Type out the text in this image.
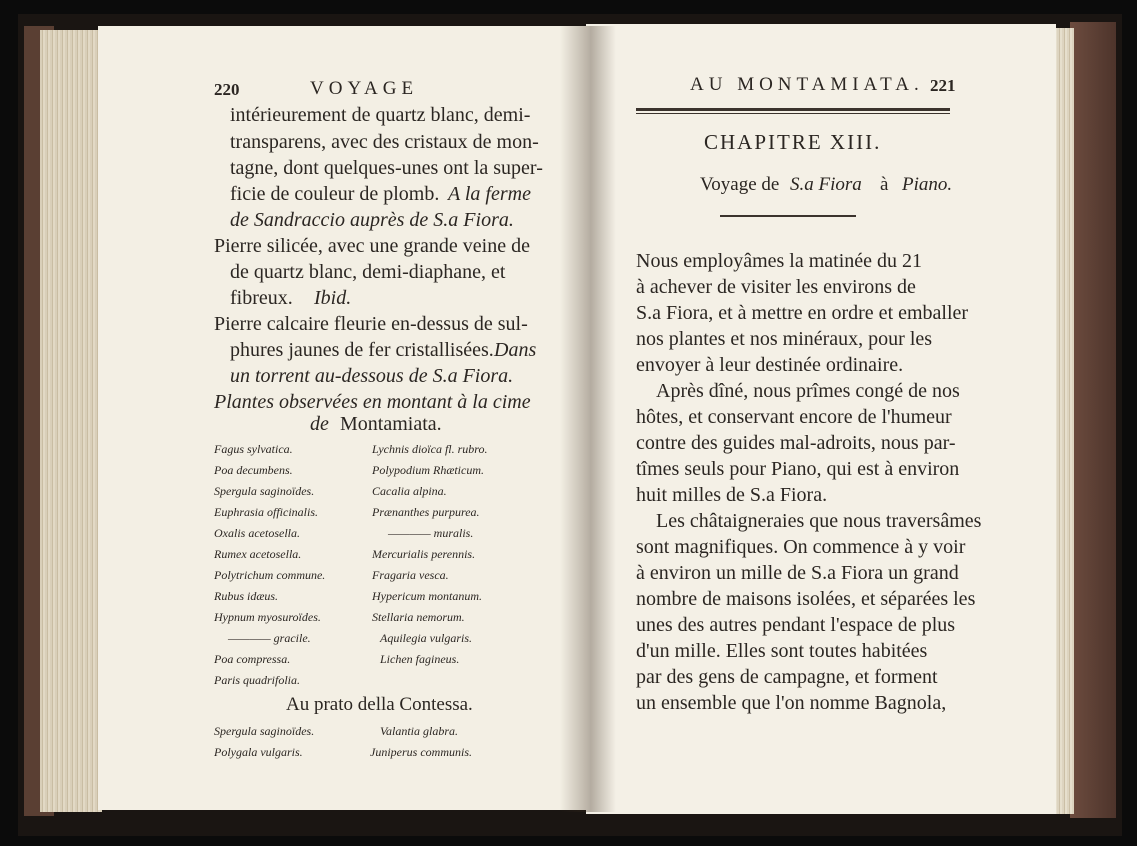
220	VOYAGE
intérieurement de quartz blanc, demi-
transparens, avec des cristaux de mon-
tagne, dont quelques-unes ont la super-
ficie de couleur de plomb. A la ferme
de Sandraccio auprès de S.a Fiora.
Pierre silicée, avec une grande veine de
de quartz blanc, demi-diaphane, et
fibreux. Ibid.
Pierre calcaire fleurie en-dessus de sul-
phures jaunes de fer cristallisées. Dans
un torrent au-dessous de S.a Fiora.
Plantes observées en montant à la cime
de Montamiata.
Fagus sylvatica.
Poa decumbens.
Spergula saginoïdes.
Euphrasia officinalis.
Oxalis acetosella.
Rumex acetosella.
Polytrichum commune.
Rubus idæus.
Hypnum myosuroïdes.
———— gracile.
Poa compressa.
Paris quadrifolia.
Lychnis dioïca fl. rubro.
Polypodium Rhæticum.
Cacalia alpina.
Prænanthes purpurea.
———— muralis.
Mercurialis perennis.
Fragaria vesca.
Hypericum montanum.
Stellaria nemorum.
Aquilegia vulgaris.
Lichen fagineus.
Au prato della Contessa.
Spergula saginoïdes.
Polygala vulgaris.
Valantia glabra.
Juniperus communis.
AU MONTAMIATA. 221
CHAPITRE XIII.
Voyage de S.a Fiora à Piano.
Nous employâmes la matinée du 21
à achever de visiter les environs de
S.a Fiora, et à mettre en ordre et emballer
nos plantes et nos minéraux, pour les
envoyer à leur destinée ordinaire.
Après dîné, nous prîmes congé de nos
hôtes, et conservant encore de l'humeur
contre des guides mal-adroits, nous par-
tîmes seuls pour Piano, qui est à environ
huit milles de S.a Fiora.
Les châtaigneraies que nous traversâmes
sont magnifiques. On commence à y voir
à environ un mille de S.a Fiora un grand
nombre de maisons isolées, et séparées les
unes des autres pendant l'espace de plus
d'un mille. Elles sont toutes habitées
par des gens de campagne, et forment
un ensemble que l'on nomme Bagnola,
